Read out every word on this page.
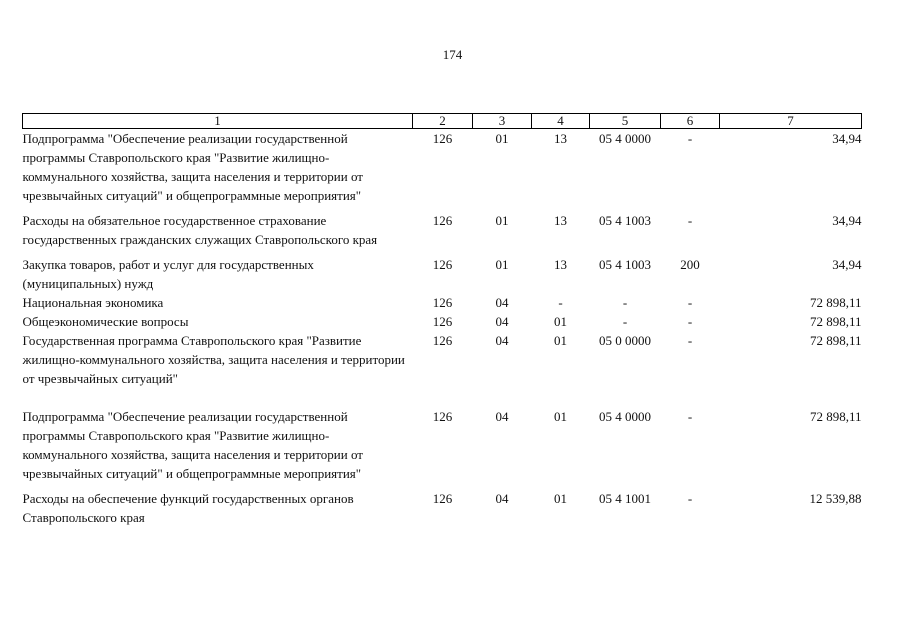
174
1	2	3	4	5	6	7
Подпрограмма "Обеспечение реализации государственной программы Ставропольского края "Развитие жилищно-коммунального хозяйства, защита населения и территории от чрезвычайных ситуаций" и общепрограммные мероприятия"	126	01	13	05 4 0000	-	34,94

Расходы на обязательное государственное страхование государственных гражданских служащих Ставропольского края	126	01	13	05 4 1003	-	34,94

Закупка товаров, работ и услуг для государственных (муниципальных) нужд	126	01	13	05 4 1003	200	34,94
Национальная экономика	126	04	-	-	-	72 898,11
Общеэкономические вопросы	126	04	01	-	-	72 898,11
Государственная программа Ставропольского края "Развитие жилищно-коммунального хозяйства, защита населения и территории от чрезвычайных ситуаций"	126	04	01	05 0 0000	-	72 898,11

Подпрограмма "Обеспечение реализации государственной программы Ставропольского края "Развитие жилищно-коммунального хозяйства, защита населения и территории от чрезвычайных ситуаций" и общепрограммные мероприятия"	126	04	01	05 4 0000	-	72 898,11

Расходы на обеспечение функций государственных органов Ставропольского края	126	04	01	05 4 1001	-	12 539,88
